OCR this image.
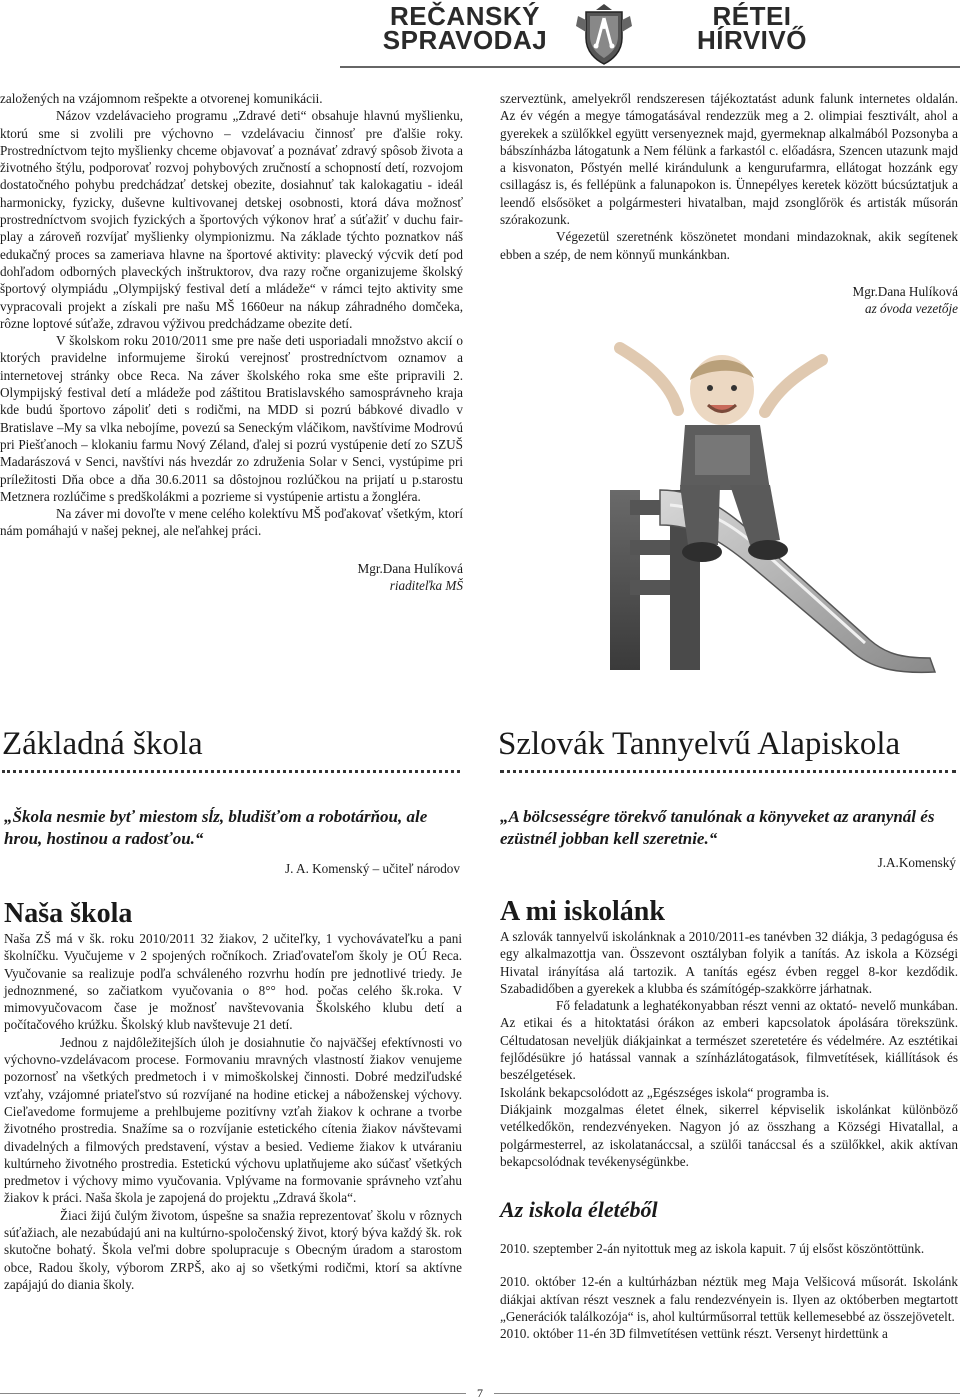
REČANSKÝ
SPRAVODAJ
RÉTEI
HÍRVIVŐ

založených na vzájomnom rešpekte a otvorenej komunikácii.

Názov vzdelávacieho programu „Zdravé deti“ obsahuje hlavnú myšlienku, ktorú sme si zvolili pre výchovno – vzdelávaciu činnosť pre ďalšie roky. Prostredníctvom tejto myšlienky chceme objavovať a poznávať zdravý spôsob života a životného štýlu, podporovať rozvoj pohybových zručností a schopností detí, rozvojom dostatočného pohybu predchádzať detskej obezite, dosiahnuť tak kalokagatiu - ideál harmonicky, fyzicky, duševne kultivovanej detskej osobnosti, ktorá dáva možnosť prostredníctvom svojich fyzických a športových výkonov hrať a súťažiť v duchu fair-play a zároveň rozvíjať myšlienky olympionizmu. Na základe týchto poznatkov náš edukačný proces sa zameriava hlavne na športové aktivity: plavecký výcvik detí pod dohľadom odborných plaveckých inštruktorov, dva razy ročne organizujeme školský športový olympiádu „Olympijský festival detí a mládeže“ v rámci tejto aktivity sme vypracovali projekt a získali pre našu MŠ 1660eur na nákup záhradného domčeka, rôzne loptové súťaže, zdravou výživou predchádzame obezite detí.

V školskom roku 2010/2011 sme pre naše deti usporiadali množstvo akcií o ktorých pravidelne informujeme širokú verejnosť prostredníctvom oznamov a internetovej stránky obce Reca. Na záver školského roka sme ešte pripravili 2. Olympijský festival detí a mládeže pod záštitou Bratislavského samosprávneho kraja kde budú športovo zápoliť deti s rodičmi, na MDD si pozrú bábkové divadlo v Bratislave –My sa vlka nebojíme, povezú sa Seneckým vláčikom, navštívime Modrovú pri Piešťanoch – klokaniu farmu Nový Zéland, ďalej si pozrú vystúpenie detí zo SZUŠ Madarászová v Senci, navštívi nás hvezdár zo združenia Solar v Senci, vystúpime pri príležitosti Dňa obce a dňa 30.6.2011 sa dôstojnou rozlúčkou na prijatí u p.starostu Metznera rozlúčime s predškolákmi a pozrieme si vystúpenie artistu a žongléra.

Na záver mi dovoľte v mene celého kolektívu MŠ poďakovať všetkým, ktorí nám pomáhajú v našej peknej, ale neľahkej práci.

Mgr.Dana Hulíková

riaditeľka MŠ

szerveztünk, amelyekről rendszeresen tájékoztatást adunk falunk internetes oldalán. Az év végén a megye támogatásával rendezzük meg a 2. olimpiai fesztivált, ahol a gyerekek a szülőkkel együtt versenyeznek majd, gyermeknap alkalmából Pozsonyba a bábszínházba látogatunk a Nem félünk a farkastól c. előadásra, Szencen utazunk majd a kisvonaton, Pőstyén mellé kirándulunk a kengurufarmra, ellátogat hozzánk egy csillagász is, és fellépünk a falunapokon is. Ünnepélyes keretek között búcsúztatjuk a leendő elsősöket a polgármesteri hivatalban, majd zsonglőrök és artisták műsorán szórakozunk.

Végezetül szeretnénk köszönetet mondani mindazoknak, akik segítenek ebben a szép, de nem könnyű munkánkban.

Mgr.Dana Hulíková

az óvoda vezetője

Základná škola	Szlovák Tannyelvű Alapiskola
„Škola nesmie byť miestom sĺz, bludišťom a robotárňou, ale hrou, hostinou a radosťou.“
J. A. Komenský – učiteľ národov
„A bölcsességre törekvő tanulónak a könyveket az aranynál és ezüstnél jobban kell szeretnie.“
J.A.Komenský
Naša škola	A mi iskolánk

Naša ZŠ má v šk. roku 2010/2011 32 žiakov, 2 učiteľky, 1 vychovávateľku a pani školníčku. Vyučujeme v 2 spojených ročníkoch. Zriaďovateľom školy je OÚ Reca. Vyučovanie sa realizuje podľa schváleného rozvrhu hodín pre jednotlivé triedy. Je jednoznmené, so začiatkom vyučovania o 8°° hod. počas celého šk.roka. V mimovyučovacom čase je možnosť navštevovania Školského klubu detí a počítačového krúžku. Školský klub navštevuje 21 detí.

Jednou z najdôležitejších úloh je dosiahnutie čo najväčšej efektívnosti vo výchovno-vzdelávacom procese. Formovaniu mravných vlastností žiakov venujeme pozornosť na všetkých predmetoch i v mimoškolskej činnosti. Dobré medziľudské vzťahy, vzájomné priateľstvo sú rozvíjané na hodine etickej a náboženskej výchovy. Cieľavedome formujeme a prehlbujeme pozitívny vzťah žiakov k ochrane a tvorbe životného prostredia. Snažíme sa o rozvíjanie estetického cítenia žiakov návštevami divadelných a filmových predstavení, výstav a besied. Vedieme žiakov k utváraniu kultúrneho životného prostredia. Estetickú výchovu uplatňujeme ako súčasť všetkých predmetov i výchovy mimo vyučovania. Vplývame na formovanie správneho vzťahu žiakov k práci. Naša škola je zapojená do projektu „Zdravá škola“.

Žiaci žijú čulým životom, úspešne sa snažia reprezentovať školu v rôznych súťažiach, ale nezabúdajú ani na kultúrno-spoločenský život, ktorý býva každý šk. rok skutočne bohatý. Škola veľmi dobre spolupracuje s Obecným úradom a starostom obce, Radou školy, výborom ZRPŠ, ako aj so všetkými rodičmi, ktorí sa aktívne zapájajú do diania školy.

A szlovák tannyelvű iskolánknak a 2010/2011-es tanévben 32 diákja, 3 pedagógusa és egy alkalmazottja van. Összevont osztályban folyik a tanítás. Az iskola a Községi Hivatal irányítása alá tartozik. A tanítás egész évben reggel 8-kor kezdődik. Szabadidőben a gyerekek a klubba és számítógép-szakkörre járhatnak.

Fő feladatunk a leghatékonyabban részt venni az oktató- nevelő munkában. Az etikai és a hitoktatási órákon az emberi kapcsolatok ápolására törekszünk. Céltudatosan neveljük diákjainkat a természet szeretetére és védelmére. Az esztétikai fejlődésükre jó hatással vannak a színházlátogatások, filmvetítések, kiállítások és beszélgetések.

Iskolánk bekapcsolódott az „Egészséges iskola“ programba is.

Diákjaink mozgalmas életet élnek, sikerrel képviselik iskolánkat különböző vetélkedőkön, rendezvényeken. Nagyon jó az összhang a Községi Hivatallal, a polgármesterrel, az iskolatanáccsal, a szülői tanáccsal és a szülőkkel, akik aktívan bekapcsolódnak tevékenységünkbe.

Az iskola életéből

2010. szeptember 2-án nyitottuk meg az iskola kapuit. 7 új elsőst köszöntöttünk.

2010. október 12-én a kultúrházban néztük meg Maja Velšicová műsorát. Iskolánk diákjai aktívan részt vesznek a falu rendezvényein is. Ilyen az októberben megtartott „Generációk találkozója“ is, ahol kultúrműsorral tettük kellemesebbé az összejövetelt.

2010. október 11-én 3D filmvetítésen vettünk részt. Versenyt hirdettünk a

7
